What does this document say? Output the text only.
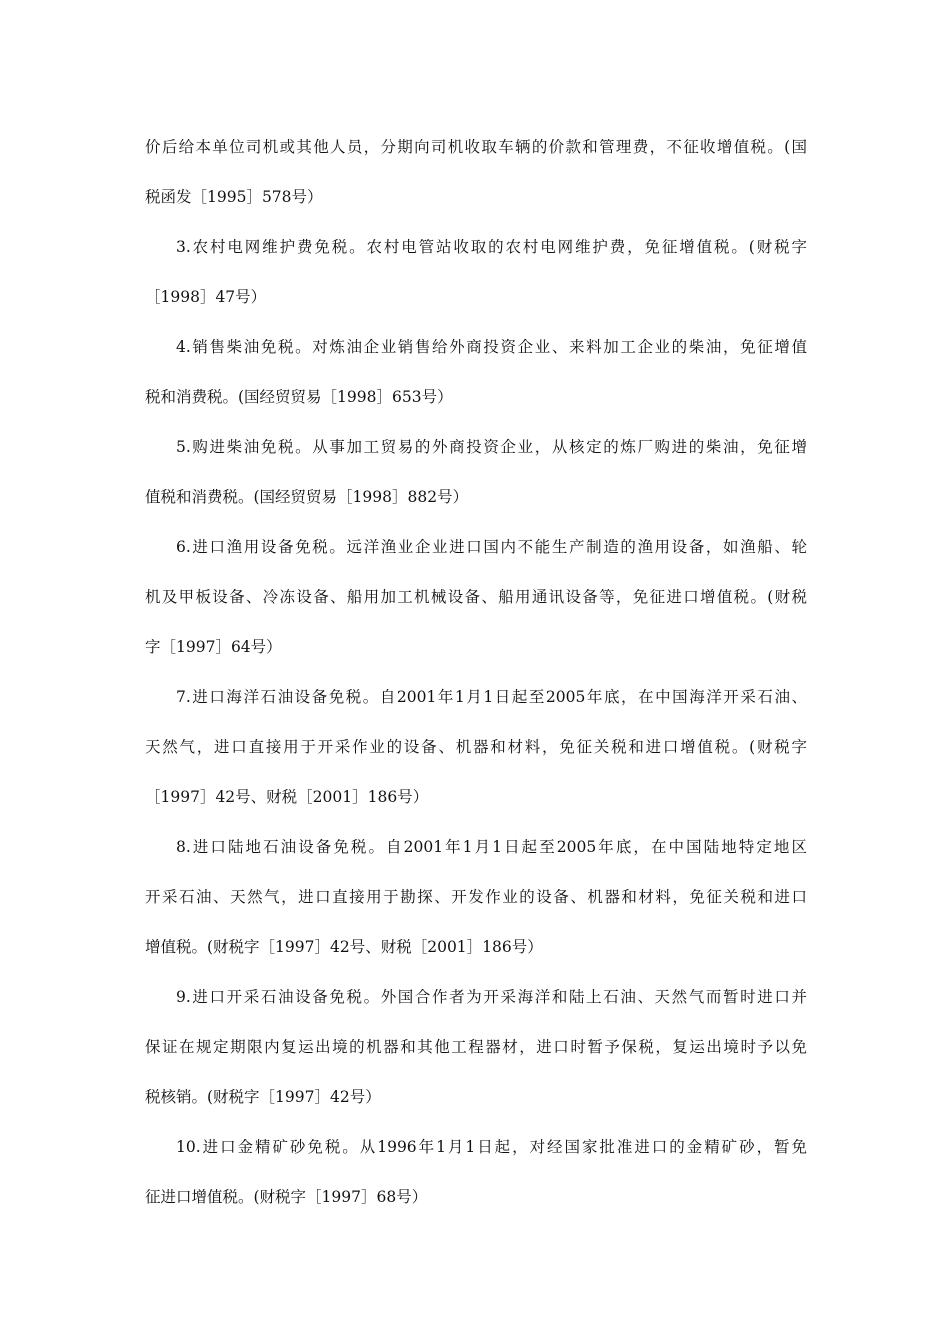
价后给本单位司机或其他人员，分期向司机收取车辆的价款和管理费，不征收增值税。(国
税函发［1995］578号）
3.农村电网维护费免税。农村电管站收取的农村电网维护费，免征增值税。(财税字
［1998］47号）
4.销售柴油免税。对炼油企业销售给外商投资企业、来料加工企业的柴油，免征增值
税和消费税。(国经贸贸易［1998］653号）
5.购进柴油免税。从事加工贸易的外商投资企业，从核定的炼厂购进的柴油，免征增
值税和消费税。(国经贸贸易［1998］882号）
6.进口渔用设备免税。远洋渔业企业进口国内不能生产制造的渔用设备，如渔船、轮
机及甲板设备、冷冻设备、船用加工机械设备、船用通讯设备等，免征进口增值税。(财税
字［1997］64号）
7.进口海洋石油设备免税。自2001年1月1日起至2005年底，在中国海洋开采石油、
天然气，进口直接用于开采作业的设备、机器和材料，免征关税和进口增值税。(财税字
［1997］42号、财税［2001］186号）
8.进口陆地石油设备免税。自2001年1月1日起至2005年底，在中国陆地特定地区
开采石油、天然气，进口直接用于勘探、开发作业的设备、机器和材料，免征关税和进口
增值税。(财税字［1997］42号、财税［2001］186号）
9.进口开采石油设备免税。外国合作者为开采海洋和陆上石油、天然气而暂时进口并
保证在规定期限内复运出境的机器和其他工程器材，进口时暂予保税，复运出境时予以免
税核销。(财税字［1997］42号）
10.进口金精矿砂免税。从1996年1月1日起，对经国家批准进口的金精矿砂，暂免
征进口增值税。(财税字［1997］68号）
